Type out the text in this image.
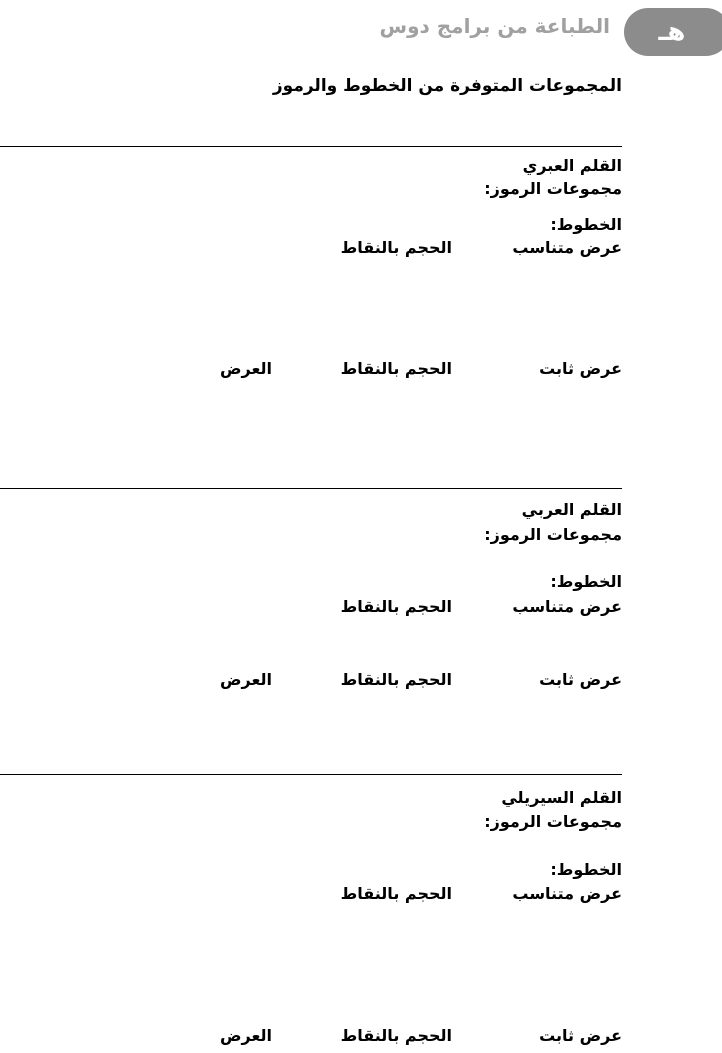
الطباعة من برامج دوس هـ
المجموعات المتوفرة من الخطوط والرموز
القلم العبري
مجموعات الرموز:
الخطوط:
عرض متناسب
الحجم بالنقاط
عرض ثابت
الحجم بالنقاط
العرض
القلم العربي
مجموعات الرموز:
الخطوط:
عرض متناسب
الحجم بالنقاط
عرض ثابت
الحجم بالنقاط
العرض
القلم السيريلي
مجموعات الرموز:
الخطوط:
عرض متناسب
الحجم بالنقاط
عرض ثابت
الحجم بالنقاط
العرض
